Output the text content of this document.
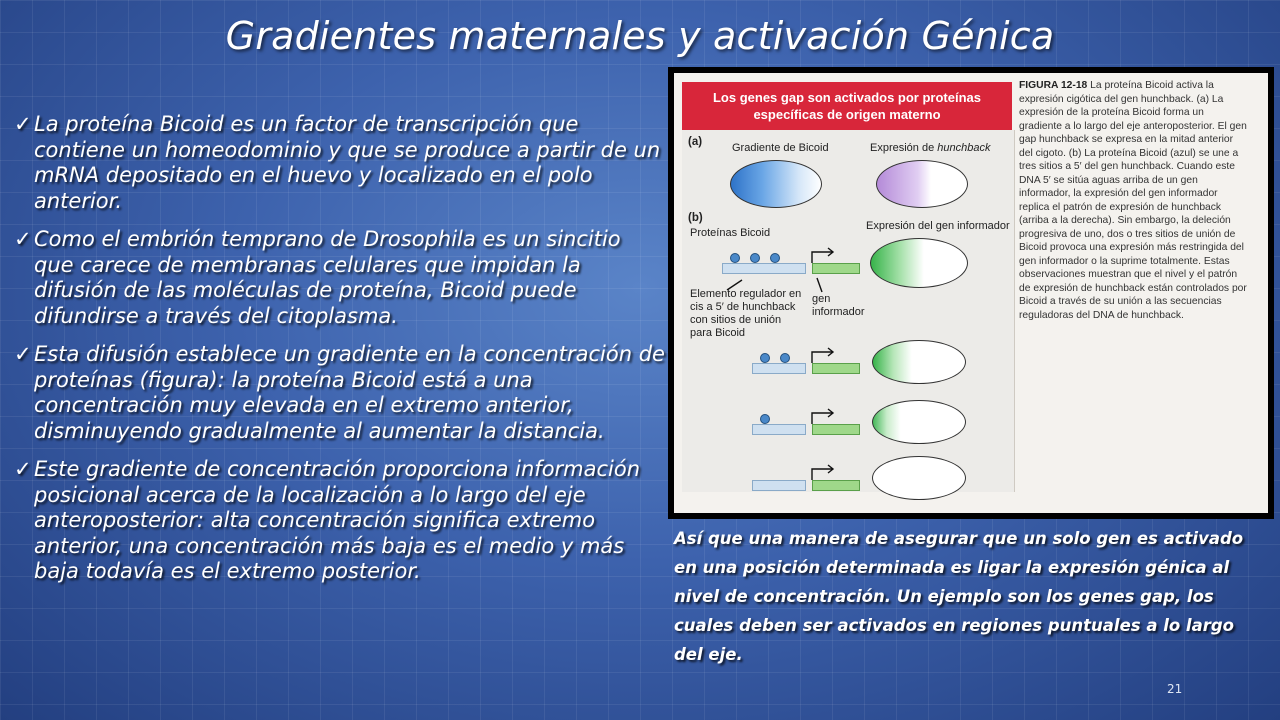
Gradientes maternales y activación Génica
✓ La proteína Bicoid es un factor de transcripción que contiene un homeodominio y que se produce a partir de un mRNA depositado en el huevo y localizado en el polo anterior.
✓ Como el embrión temprano de Drosophila es un sincitio que carece de membranas celulares que impidan la difusión de las moléculas de proteína, Bicoid puede difundirse a través del citoplasma.
✓ Esta difusión establece un gradiente en la concentración de proteínas (figura): la proteína Bicoid está a una concentración muy elevada en el extremo anterior, disminuyendo gradualmente al aumentar la distancia.
✓ Este gradiente de concentración proporciona información posicional acerca de la localización a lo largo del eje anteroposterior: alta concentración significa extremo anterior, una concentración más baja es el medio y más baja todavía es el extremo posterior.
Los genes gap son activados por proteínas específicas de origen materno
(a)	Gradiente de Bicoid	Expresión de hunchback
(b)
Proteínas Bicoid
Expresión del gen informador
Elemento regulador en cis a 5′ de hunchback con sitios de unión para Bicoid
gen informador
FIGURA 12-18 La proteína Bicoid activa la expresión cigótica del gen hunchback. (a) La expresión de la proteína Bicoid forma un gradiente a lo largo del eje anteroposterior. El gen gap hunchback se expresa en la mitad anterior del cigoto. (b) La proteína Bicoid (azul) se une a tres sitios a 5′ del gen hunchback. Cuando este DNA 5′ se sitúa aguas arriba de un gen informador, la expresión del gen informador replica el patrón de expresión de hunchback (arriba a la derecha). Sin embargo, la deleción progresiva de uno, dos o tres sitios de unión de Bicoid provoca una expresión más restringida del gen informador o la suprime totalmente. Estas observaciones muestran que el nivel y el patrón de expresión de hunchback están controlados por Bicoid a través de su unión a las secuencias reguladoras del DNA de hunchback.
Así que una manera de asegurar que un solo gen es activado en una posición determinada es ligar la expresión génica al nivel de concentración. Un ejemplo son los genes gap, los cuales deben ser activados en regiones puntuales a lo largo del eje.
21
